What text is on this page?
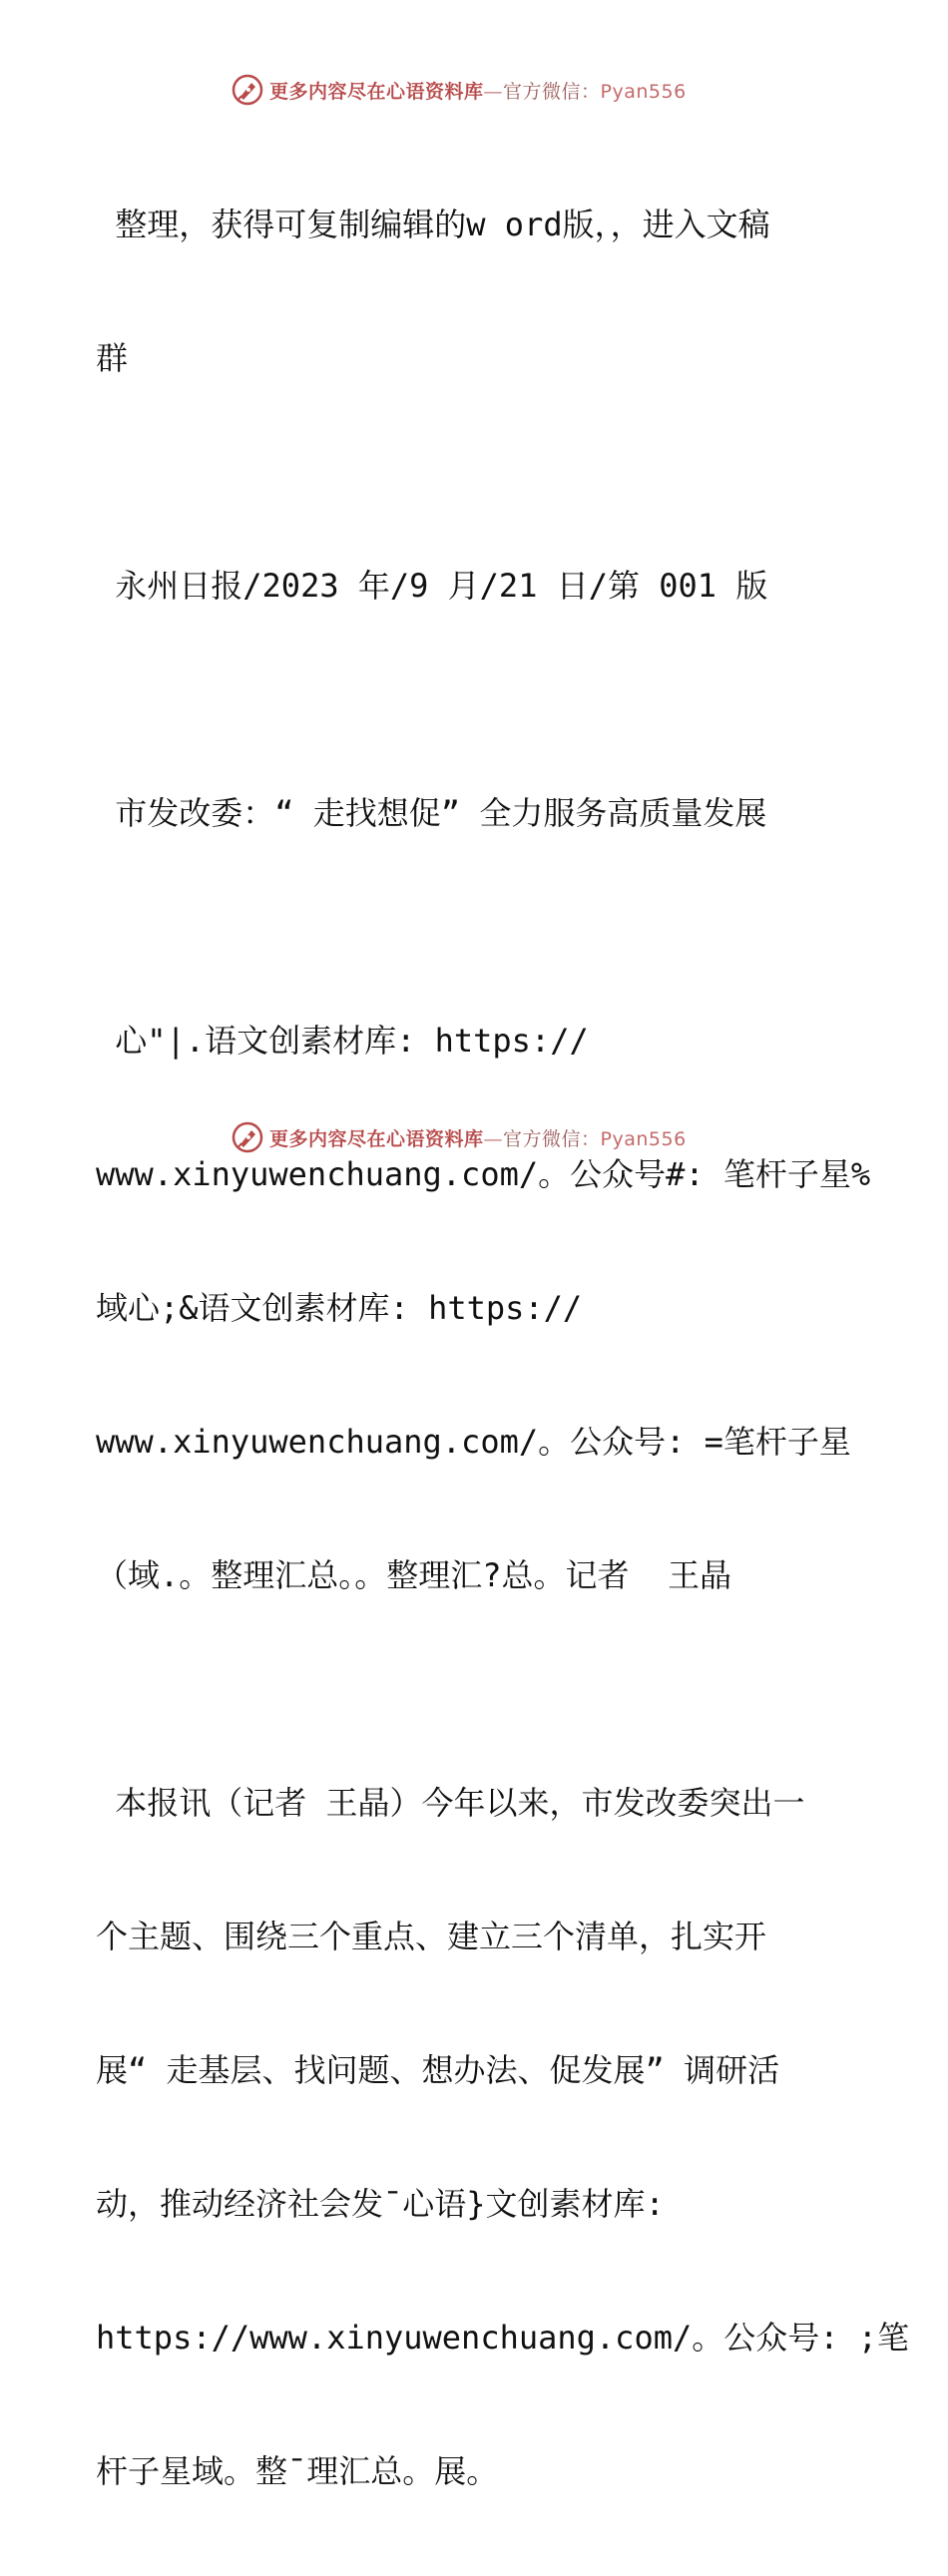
更多内容尽在心语资料库—官方微信：Pyan556

整理，获得可复制编辑的w ord版，，进入文稿

群

永州日报/2023 年/9 月/21 日/第 001 版

市发改委：“ 走找想促” 全力服务高质量发展

心"|.语文创素材库: https://

www.xinyuwenchuang.com/。公众号#: 笔杆子星%

域心;&语文创素材库: https://

www.xinyuwenchuang.com/。公众号: =笔杆子星

（域.。整理汇总。。整理汇?总。记者  王晶

本报讯（记者 王晶）今年以来，市发改委突出一

个主题、围绕三个重点、建立三个清单，扎实开

展“ 走基层、找问题、想办法、促发展” 调研活

动，推动经济社会发¯心语}文创素材库:

https://www.xinyuwenchuang.com/。公众号: ;笔

杆子星域。整¯理汇总。展。

更多内容尽在心语资料库—官方微信：Pyan556
